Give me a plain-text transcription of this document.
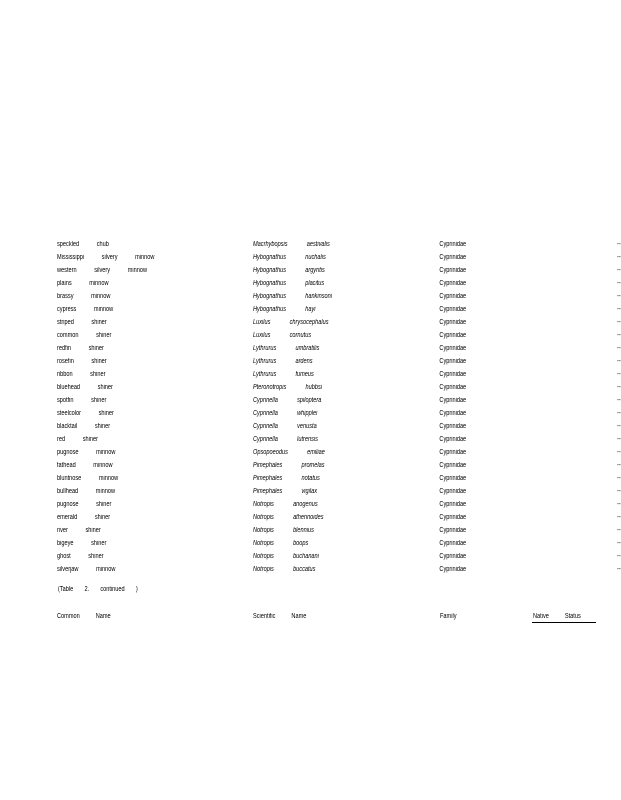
speckled	chub	Macrhybopsis	aestivalis	Cyprinidae	--
Mississippi	silvery	minnow	Hybognathus	nuchalis	Cyprinidae	--
western	silvery	minnow	Hybognathus	argyritis	Cyprinidae	--
plains	minnow	Hybognathus	placitus	Cyprinidae	--
brassy	minnow	Hybognathus	hankinsoni	Cyprinidae	--
cypress	minnow	Hybognathus	hayi	Cyprinidae	--
striped	shiner	Luxilus	chrysocephalus	Cyprinidae	--
common	shiner	Luxilus	cornutus	Cyprinidae	--
redfin	shiner	Lythrurus	umbratilis	Cyprinidae	--
rosefin	shiner	Lythrurus	ardens	Cyprinidae	--
ribbon	shiner	Lythrurus	fumeus	Cyprinidae	--
bluehead	shiner	Pteronotropis	hubbsi	Cyprinidae	--
spotfin	shiner	Cyprinella	spiloptera	Cyprinidae	--
steelcolor	shiner	Cyprinella	whipplei	Cyprinidae	--
blacktail	shiner	Cyprinella	venusta	Cyprinidae	--
red	shiner	Cyprinella	lutrensis	Cyprinidae	--
pugnose	minnow	Opsopoeodus	emiliae	Cyprinidae	--
fathead	minnow	Pimephales	promelas	Cyprinidae	--
bluntnose	minnow	Pimephales	notatus	Cyprinidae	--
bullhead	minnow	Pimephales	vigilax	Cyprinidae	--
pugnose	shiner	Notropis	anogenus	Cyprinidae	--
emerald	shiner	Notropis	atherinoides	Cyprinidae	--
river	shiner	Notropis	blennius	Cyprinidae	--
bigeye	shiner	Notropis	boops	Cyprinidae	--
ghost	shiner	Notropis	buchanani	Cyprinidae	--
silverjaw	minnow	Notropis	buccatus	Cyprinidae	--
(Table 2. continued )
Common Name	Scientific Name	Family	Native Status
